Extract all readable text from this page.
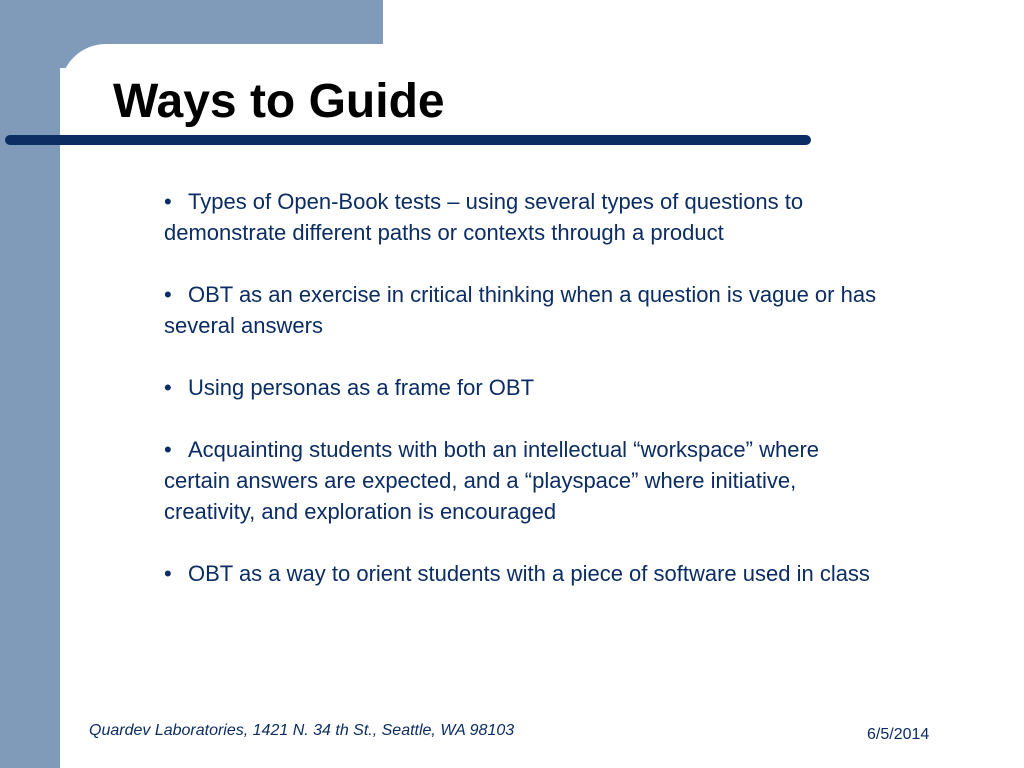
Ways to Guide
• Types of Open-Book tests – using several types of questions to demonstrate different paths or contexts through a product
• OBT as an exercise in critical thinking when a question is vague or has several answers
• Using personas as a frame for OBT
• Acquainting students with both an intellectual “workspace” where certain answers are expected, and a “playspace” where initiative, creativity, and exploration is encouraged
• OBT as a way to orient students with a piece of software used in class
Quardev Laboratories, 1421 N. 34 th St., Seattle, WA 98103	6/5/2014
